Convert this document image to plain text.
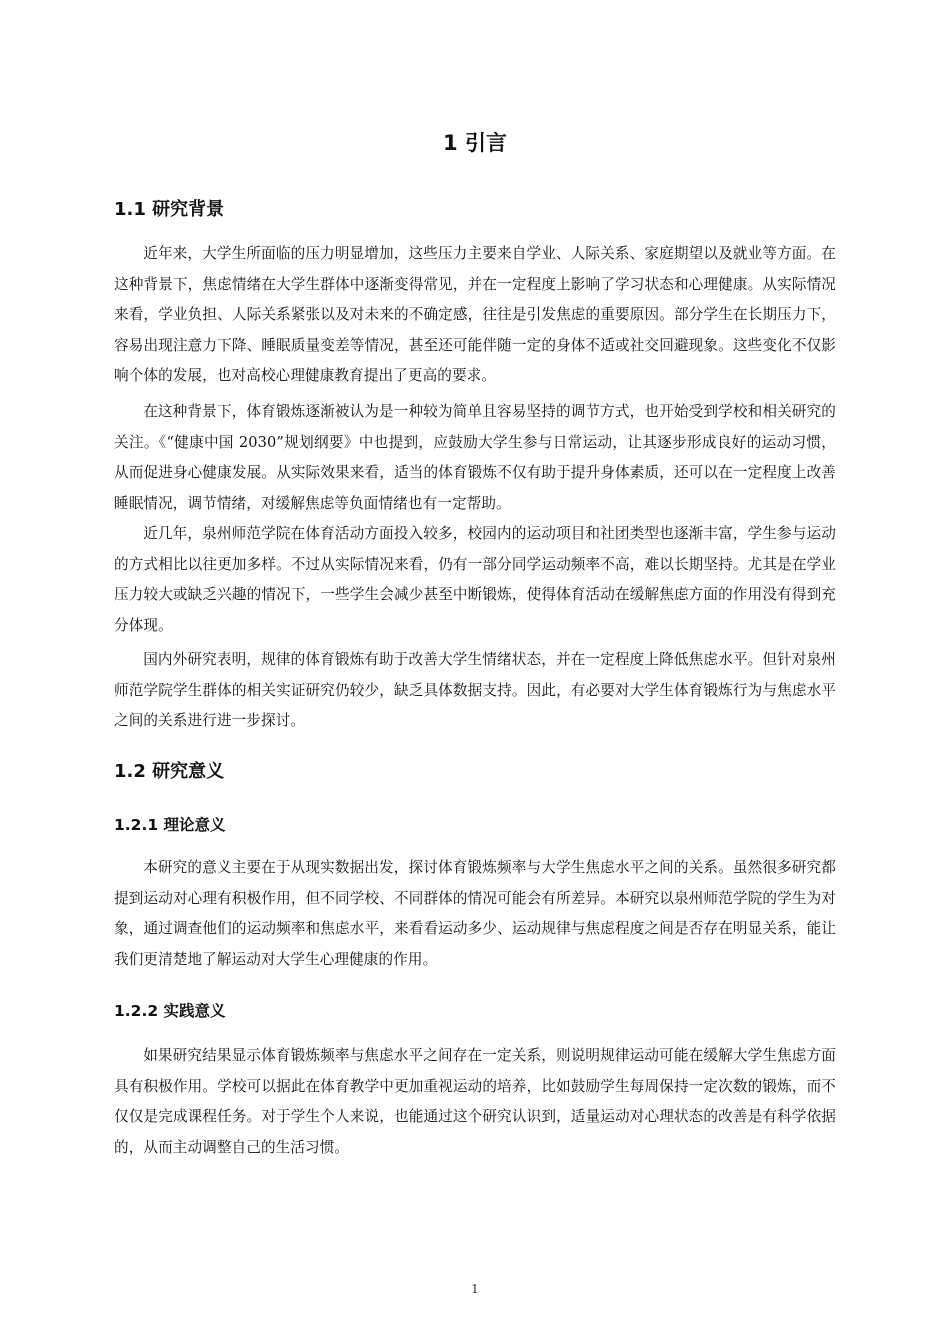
1 引言
1.1 研究背景

近年来，大学生所面临的压力明显增加，这些压力主要来自学业、人际关系、家庭期望以及就业等方面。在这种背景下，焦虑情绪在大学生群体中逐渐变得常见，并在一定程度上影响了学习状态和心理健康。从实际情况来看，学业负担、人际关系紧张以及对未来的不确定感，往往是引发焦虑的重要原因。部分学生在长期压力下，容易出现注意力下降、睡眠质量变差等情况，甚至还可能伴随一定的身体不适或社交回避现象。这些变化不仅影响个体的发展，也对高校心理健康教育提出了更高的要求。

在这种背景下，体育锻炼逐渐被认为是一种较为简单且容易坚持的调节方式，也开始受到学校和相关研究的关注。《“健康中国 2030”规划纲要》中也提到，应鼓励大学生参与日常运动，让其逐步形成良好的运动习惯，从而促进身心健康发展。从实际效果来看，适当的体育锻炼不仅有助于提升身体素质，还可以在一定程度上改善睡眠情况，调节情绪，对缓解焦虑等负面情绪也有一定帮助。

近几年，泉州师范学院在体育活动方面投入较多，校园内的运动项目和社团类型也逐渐丰富，学生参与运动的方式相比以往更加多样。不过从实际情况来看，仍有一部分同学运动频率不高，难以长期坚持。尤其是在学业压力较大或缺乏兴趣的情况下，一些学生会减少甚至中断锻炼，使得体育活动在缓解焦虑方面的作用没有得到充分体现。

国内外研究表明，规律的体育锻炼有助于改善大学生情绪状态，并在一定程度上降低焦虑水平。但针对泉州师范学院学生群体的相关实证研究仍较少，缺乏具体数据支持。因此，有必要对大学生体育锻炼行为与焦虑水平之间的关系进行进一步探讨。

1.2 研究意义
1.2.1 理论意义

本研究的意义主要在于从现实数据出发，探讨体育锻炼频率与大学生焦虑水平之间的关系。虽然很多研究都提到运动对心理有积极作用，但不同学校、不同群体的情况可能会有所差异。本研究以泉州师范学院的学生为对象，通过调查他们的运动频率和焦虑水平，来看看运动多少、运动规律与焦虑程度之间是否存在明显关系，能让我们更清楚地了解运动对大学生心理健康的作用。

1.2.2 实践意义

如果研究结果显示体育锻炼频率与焦虑水平之间存在一定关系，则说明规律运动可能在缓解大学生焦虑方面具有积极作用。学校可以据此在体育教学中更加重视运动的培养，比如鼓励学生每周保持一定次数的锻炼，而不仅仅是完成课程任务。对于学生个人来说，也能通过这个研究认识到，适量运动对心理状态的改善是有科学依据的，从而主动调整自己的生活习惯。

1
